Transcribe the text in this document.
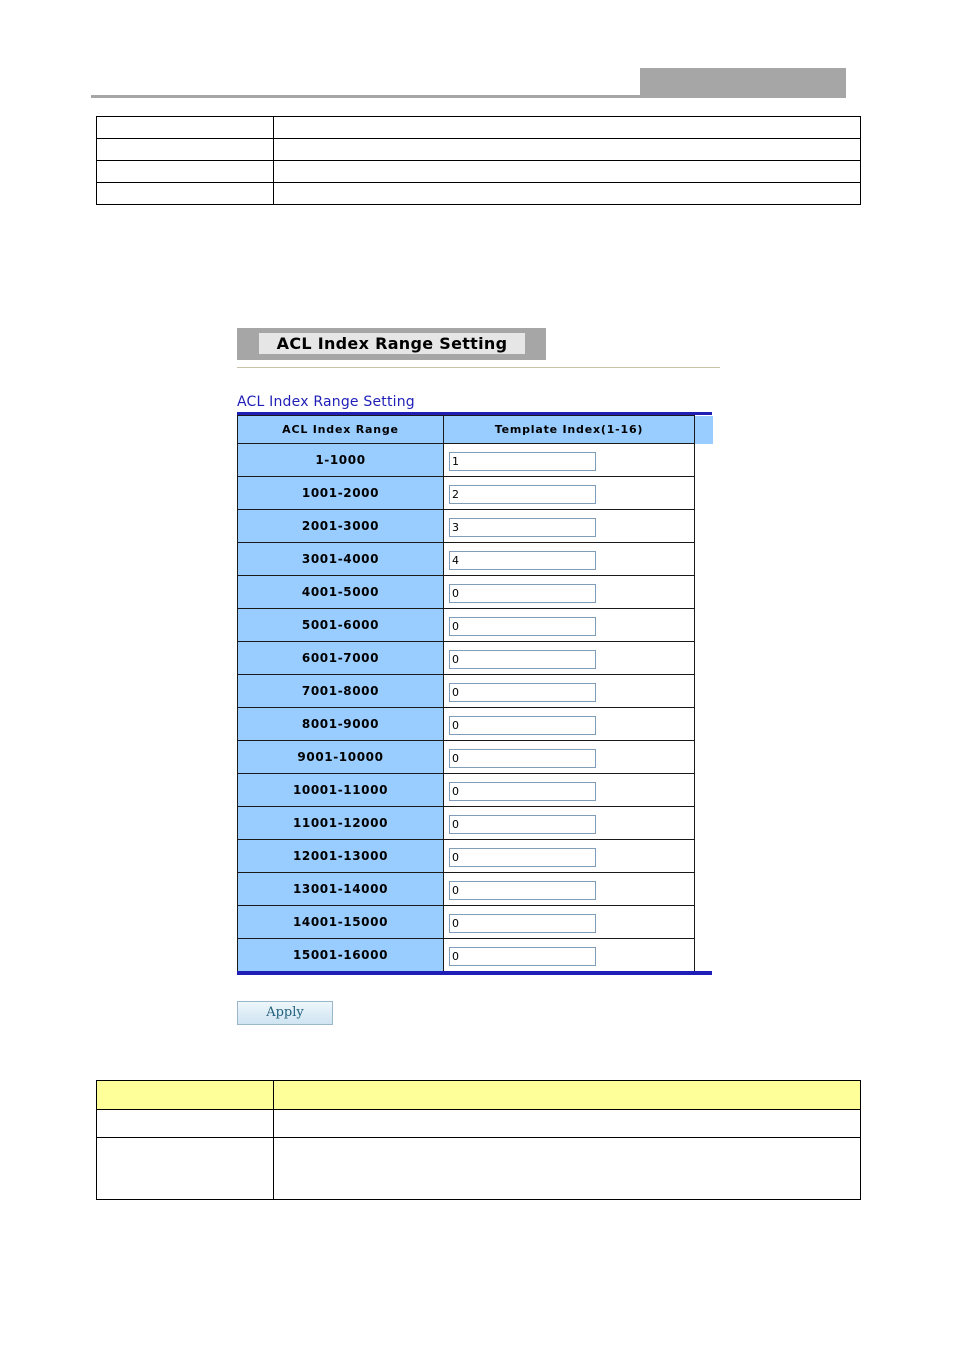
ACL Index Range Setting
ACL Index Range Setting
ACL Index Range	Template Index(1-16)	
1-1000	1	
1001-2000	2	
2001-3000	3	
3001-4000	4	
4001-5000	0	
5001-6000	0	
6001-7000	0	
7001-8000	0	
8001-9000	0	
9001-10000	0	
10001-11000	0	
11001-12000	0	
12001-13000	0	
13001-14000	0	
14001-15000	0	
15001-16000	0	
Apply
